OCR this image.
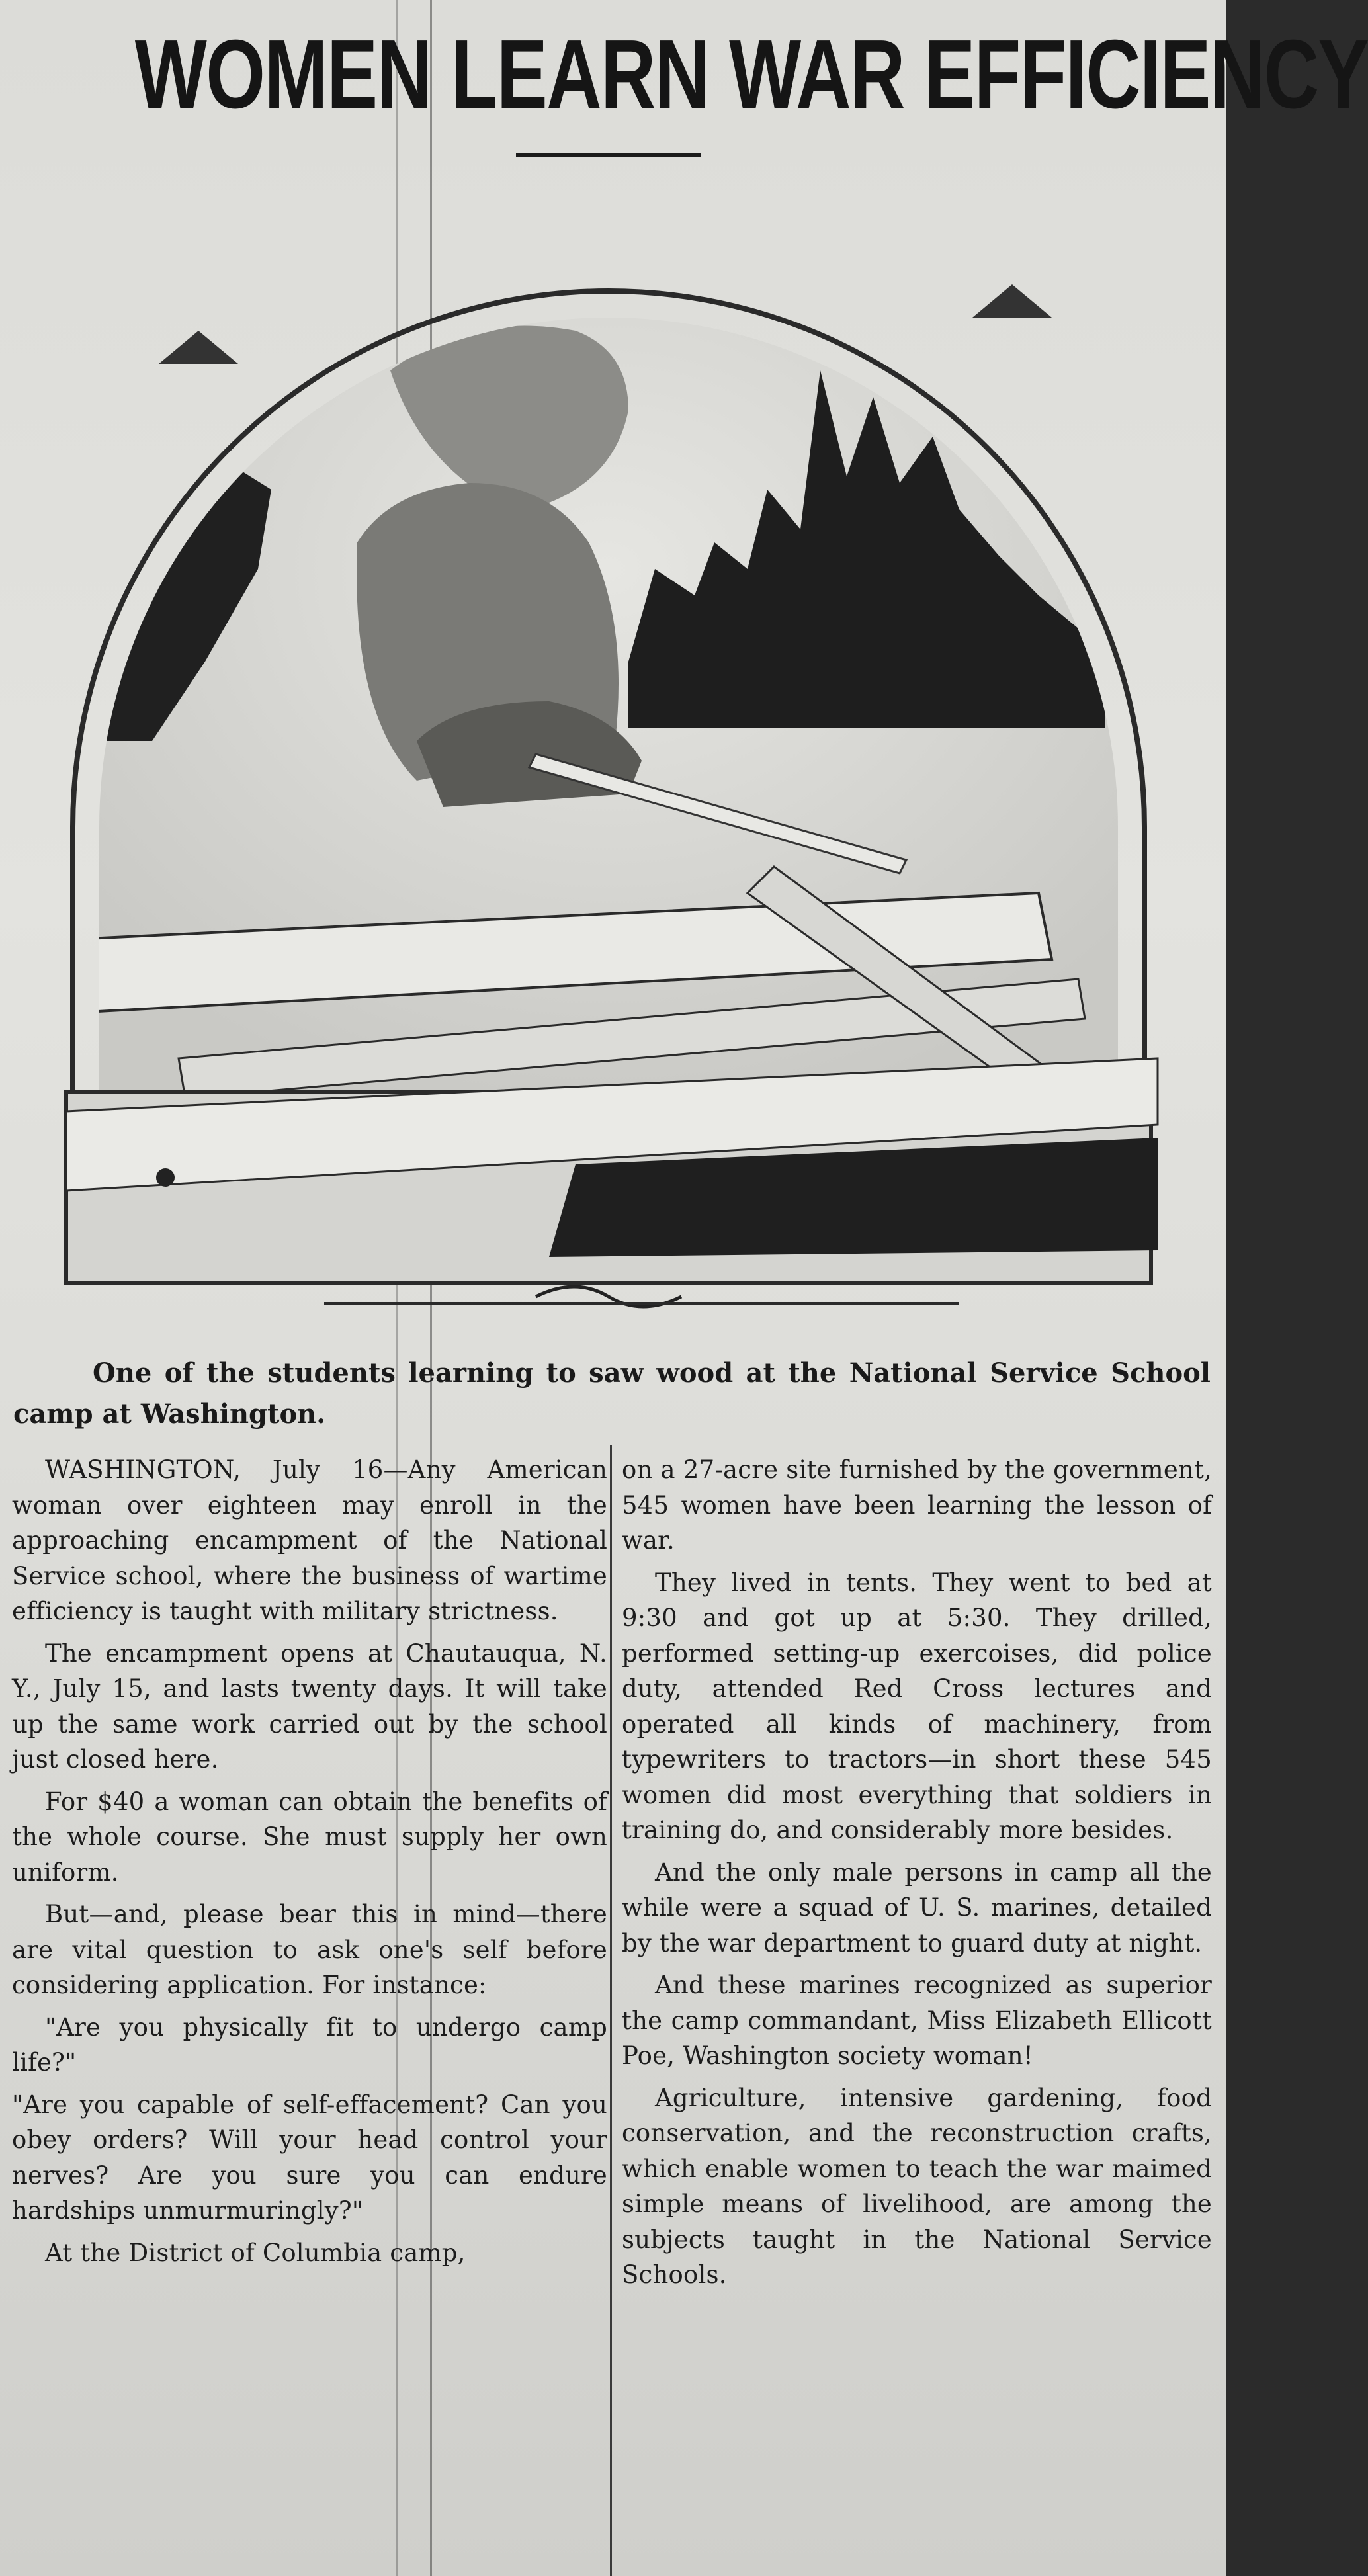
WOMEN LEARN WAR EFFICIENCY
One of the students learning to saw wood at the National Service School camp at Washington.

WASHINGTON, July 16—Any American woman over eighteen may enroll in the approaching encampment of the National Service school, where the business of wartime efficiency is taught with military strictness.

The encampment opens at Chautauqua, N. Y., July 15, and lasts twenty days. It will take up the same work carried out by the school just closed here.

For $40 a woman can obtain the benefits of the whole course. She must supply her own uniform.

But—and, please bear this in mind—there are vital question to ask one's self before considering application. For instance:

"Are you physically fit to undergo camp life?"

"Are you capable of self-effacement? Can you obey orders? Will your head control your nerves? Are you sure you can endure hardships unmurmuringly?"

At the District of Columbia camp,

on a 27-acre site furnished by the government, 545 women have been learning the lesson of war.

They lived in tents. They went to bed at 9:30 and got up at 5:30. They drilled, performed setting-up exercoises, did police duty, attended Red Cross lectures and operated all kinds of machinery, from typewriters to tractors—in short these 545 women did most everything that soldiers in training do, and considerably more besides.

And the only male persons in camp all the while were a squad of U. S. marines, detailed by the war department to guard duty at night.

And these marines recognized as superior the camp commandant, Miss Elizabeth Ellicott Poe, Washington society woman!

Agriculture, intensive gardening, food conservation, and the reconstruction crafts, which enable women to teach the war maimed simple means of livelihood, are among the subjects taught in the National Service Schools.
